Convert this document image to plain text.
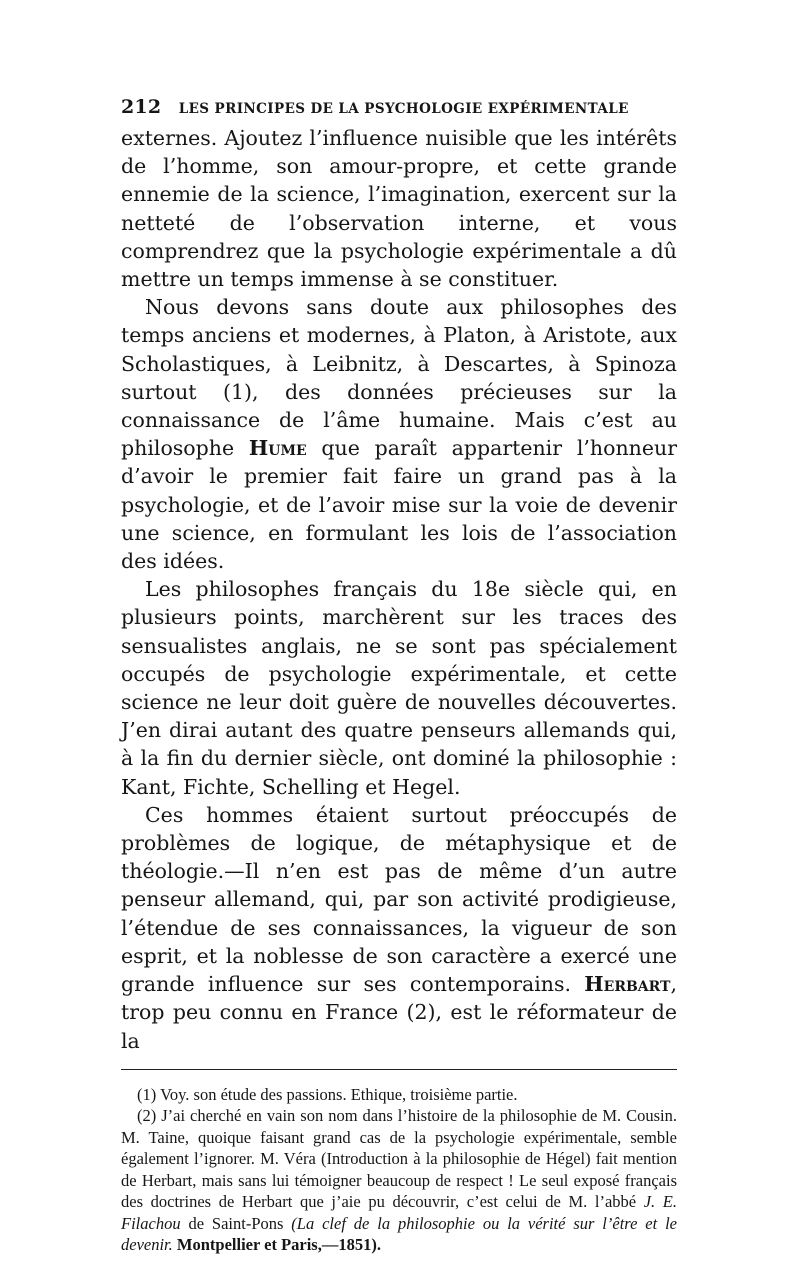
212 LES PRINCIPES DE LA PSYCHOLOGIE EXPÉRIMENTALE

externes. Ajoutez l’influence nuisible que les intérêts de l’homme, son amour-propre, et cette grande ennemie de la science, l’imagination, exercent sur la netteté de l’observation interne, et vous comprendrez que la psychologie expérimentale a dû mettre un temps immense à se constituer.

Nous devons sans doute aux philosophes des temps anciens et modernes, à Platon, à Aristote, aux Scholastiques, à Leibnitz, à Descartes, à Spinoza surtout (1), des données précieuses sur la connaissance de l’âme humaine. Mais c’est au philosophe Hume que paraît appartenir l’honneur d’avoir le premier fait faire un grand pas à la psychologie, et de l’avoir mise sur la voie de devenir une science, en formulant les lois de l’association des idées.

Les philosophes français du 18e siècle qui, en plusieurs points, marchèrent sur les traces des sensualistes anglais, ne se sont pas spécialement occupés de psychologie expérimentale, et cette science ne leur doit guère de nouvelles découvertes. J’en dirai autant des quatre penseurs allemands qui, à la fin du dernier siècle, ont dominé la philosophie : Kant, Fichte, Schelling et Hegel.

Ces hommes étaient surtout préoccupés de problèmes de logique, de métaphysique et de théologie.—Il n’en est pas de même d’un autre penseur allemand, qui, par son activité prodigieuse, l’étendue de ses connaissances, la vigueur de son esprit, et la noblesse de son caractère a exercé une grande influence sur ses contemporains. Herbart, trop peu connu en France (2), est le réformateur de la

(1) Voy. son étude des passions. Ethique, troisième partie.

(2) J’ai cherché en vain son nom dans l’histoire de la philosophie de M. Cousin. M. Taine, quoique faisant grand cas de la psychologie expérimentale, semble également l’ignorer. M. Véra (Introduction à la philosophie de Hégel) fait mention de Herbart, mais sans lui témoigner beaucoup de respect ! Le seul exposé français des doctrines de Herbart que j’aie pu découvrir, c’est celui de M. l’abbé J. E. Filachou de Saint-Pons (La clef de la philosophie ou la vérité sur l’être et le devenir. Montpellier et Paris,—1851).
